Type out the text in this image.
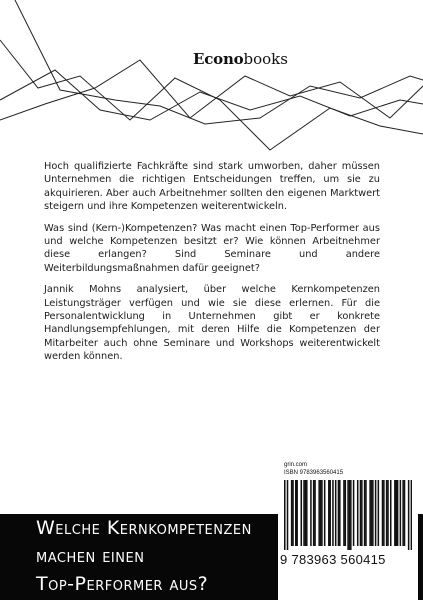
Econobooks

Hoch qualifizierte Fachkräfte sind stark umworben, daher müssen Unternehmen die richtigen Entscheidungen treffen, um sie zu akquirieren. Aber auch Arbeitnehmer sollten den eigenen Marktwert steigern und ihre Kompetenzen weiterentwickeln.

Was sind (Kern-)Kompetenzen? Was macht einen Top-Performer aus und welche Kompetenzen besitzt er? Wie können Arbeitnehmer diese erlangen? Sind Seminare und andere Weiterbildungsmaßnahmen dafür geeignet?

Jannik Mohns analysiert, über welche Kernkompetenzen Leistungsträger verfügen und wie sie diese erlernen. Für die Personalentwicklung in Unternehmen gibt er konkrete Handlungsempfehlungen, mit deren Hilfe die Kompetenzen der Mitarbeiter auch ohne Seminare und Workshops weiterentwickelt werden können.

Welche Kernkompetenzen
machen einen
Top-Performer aus?
grin.com
ISBN 9783963560415
9 783963 560415
